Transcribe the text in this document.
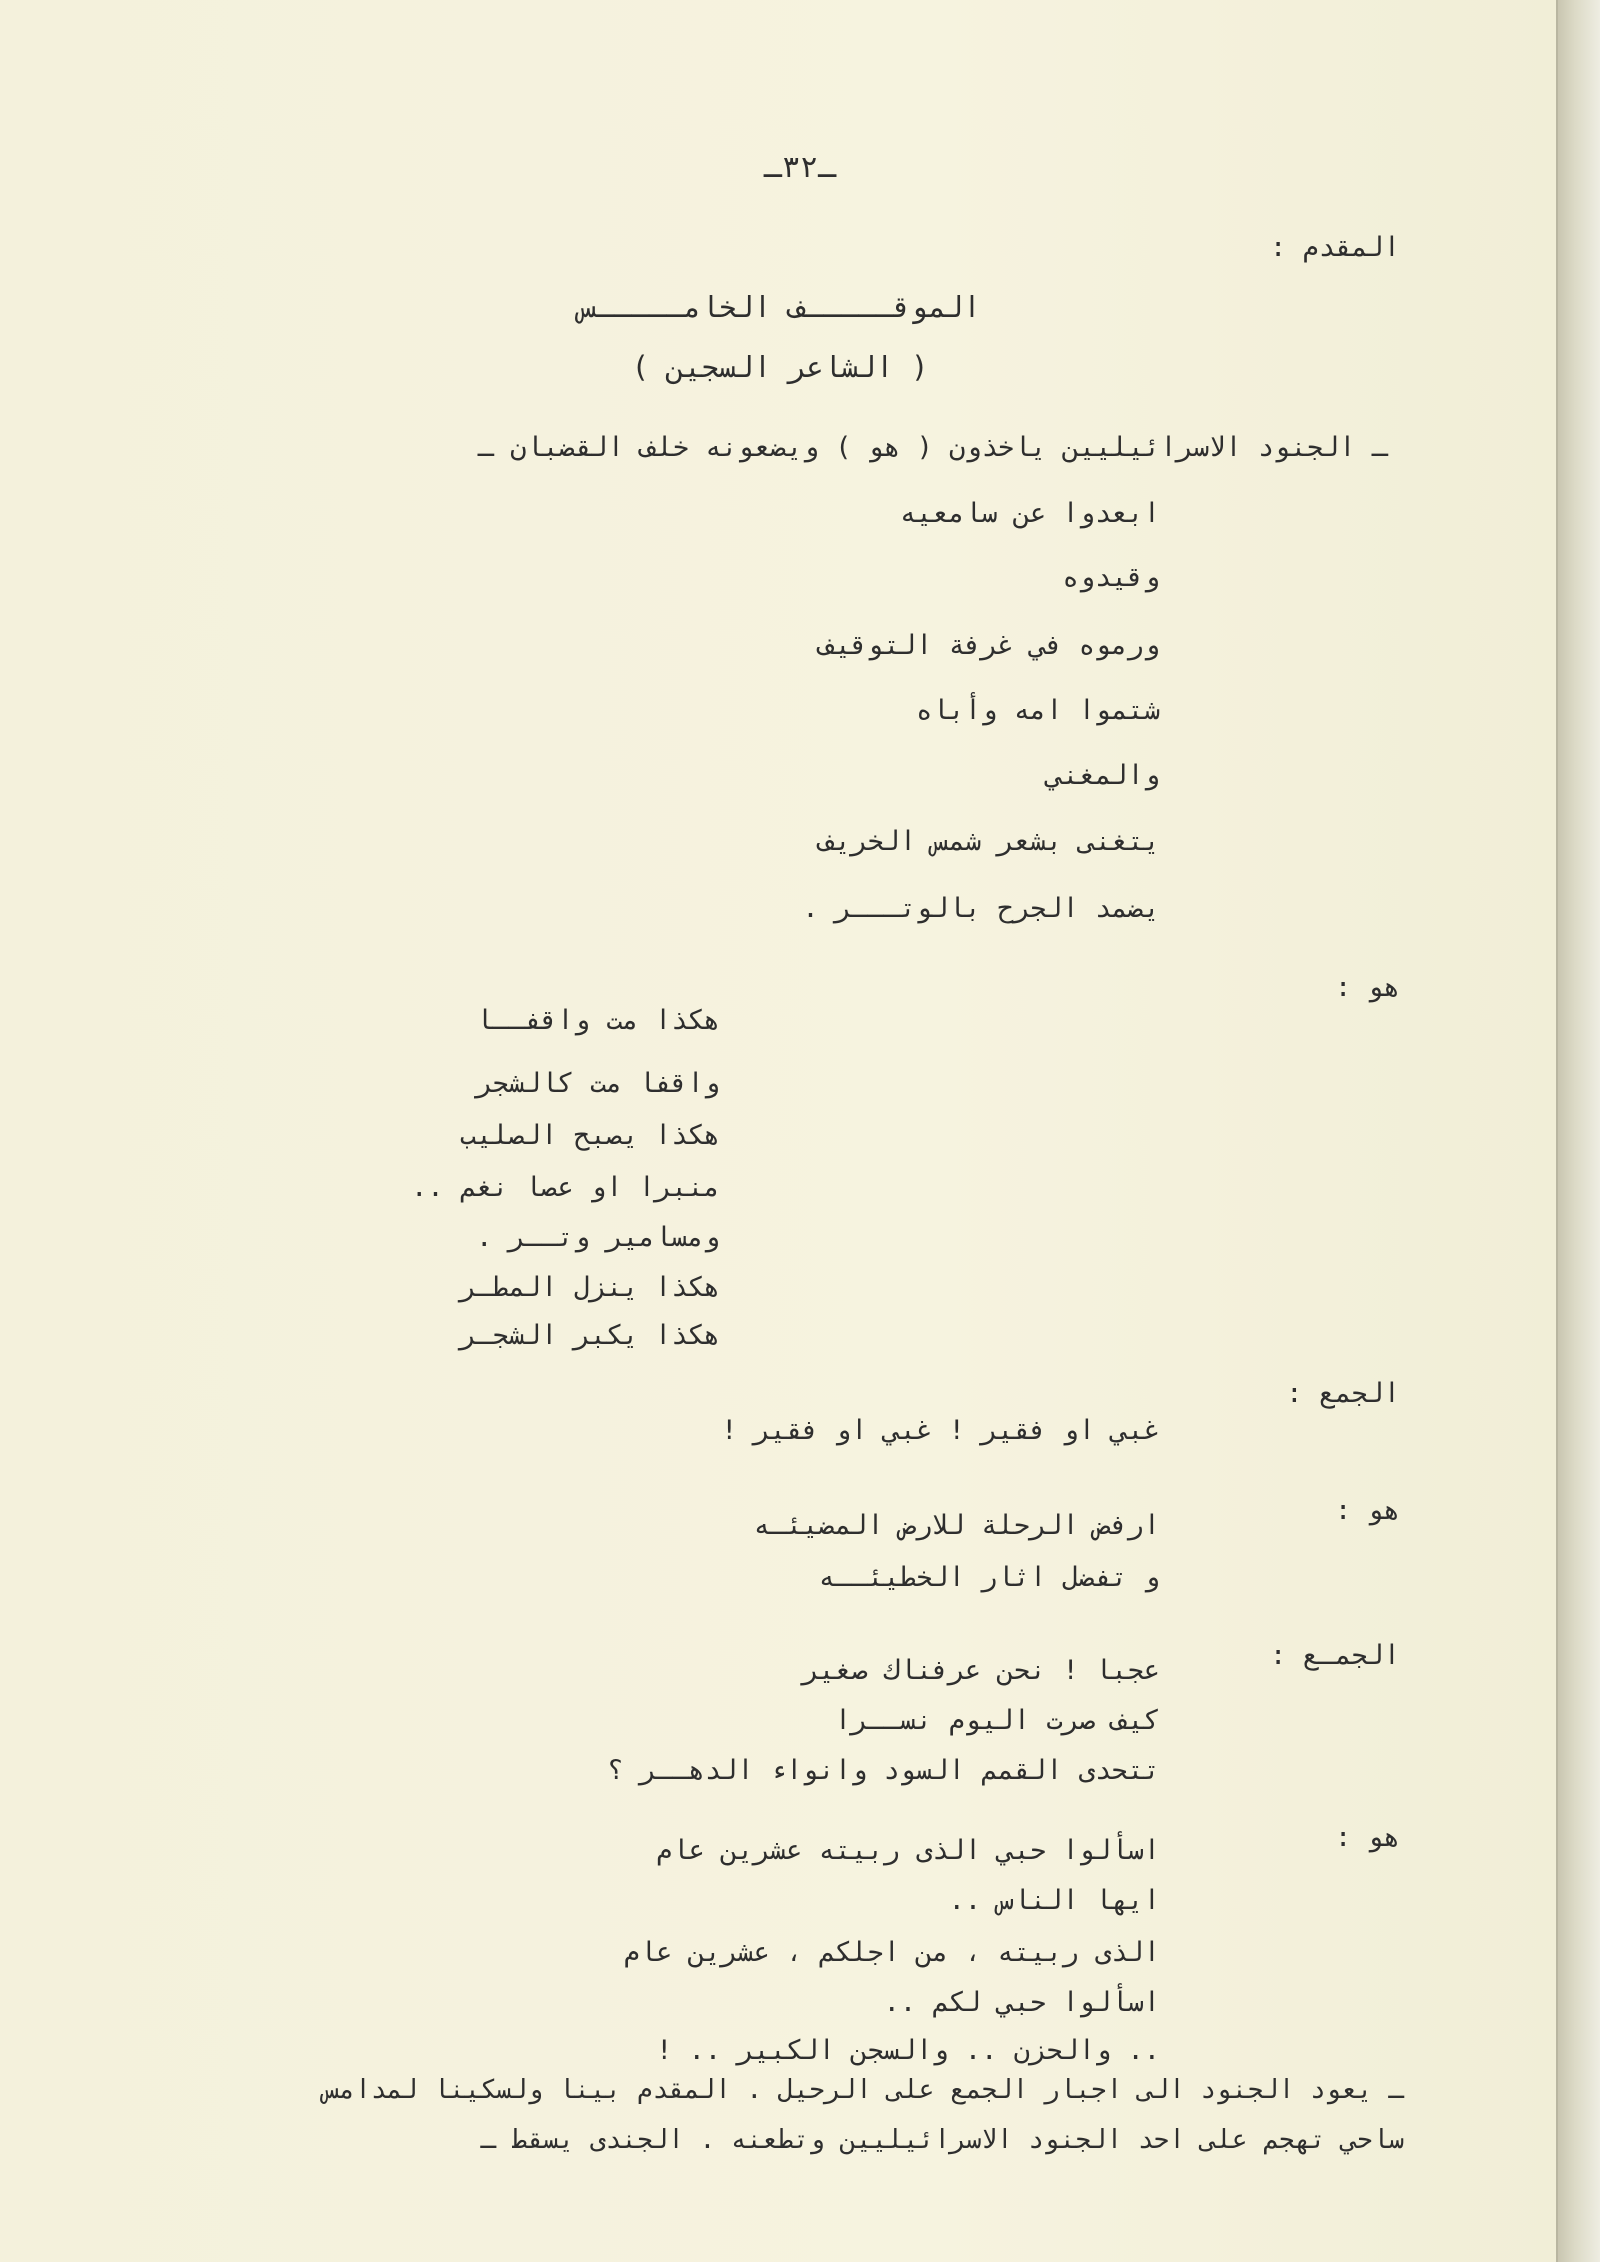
ـ٣٢ـ
المقدم :
الموقـــــف الخامـــــس
( الشاعر السجين )
ـ الجنود الاسرائيليين ياخذون ( هو ) ويضعونه خلف القضبان ـ
ابعدوا عن سامعيه
وقيدوه
ورموه في غرفة التوقيف
شتموا امه وأباه
والمغني
يتغنى بشعر شمس الخريف
يضمد الجرح بالوتـــر .
هو :
هكذا مت واقفــا
واقفا مت كالشجر
هكذا يصبح الصليب
منبرا او عصا نغم ..
ومسامير وتــر .
هكذا ينزل المطـر
هكذا يكبر الشجـر
الجمع :
غبي او فقير ! غبي او فقير !
هو :
ارفض الرحلة للارض المضيئـه
و تفضل اثار الخطيئــه
الجمـع :
عجبا ! نحن عرفناك صغير
كيف صرت اليوم نســرا
تتحدى القمم السود وانواء الدهــر ؟
هو :
اسألوا حبي الذى ربيته عشرين عام
ايها الناس ..
الذى ربيته ، من اجلكم ، عشرين عام
اسألوا حبي لكم ..
.. والحزن .. والسجن الكبير .. !
ـ يعود الجنود الى اجبار الجمع على الرحيل . المقدم بينا ولسكينا لمدامس
ساحي تهجم على احد الجنود الاسرائيليين وتطعنه . الجندى يسقط ـ
